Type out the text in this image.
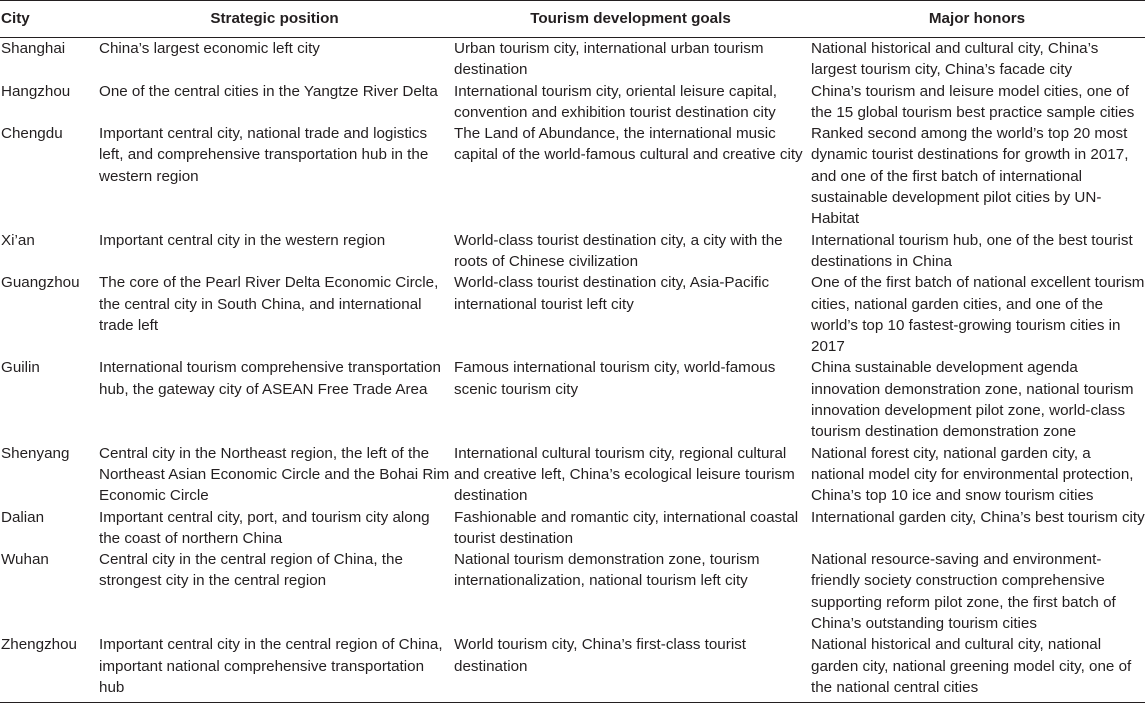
City	Strategic position	Tourism development goals	Major honors
Shanghai	China’s largest economic left city	Urban tourism city, international urban tourism destination	National historical and cultural city, China’s largest tourism city, China’s facade city
Hangzhou	One of the central cities in the Yangtze River Delta	International tourism city, oriental leisure capital, convention and exhibition tourist destination city	China’s tourism and leisure model cities, one of the 15 global tourism best practice sample cities
Chengdu	Important central city, national trade and logistics left, and comprehensive transportation hub in the western region	The Land of Abundance, the international music capital of the world-famous cultural and creative city	Ranked second among the world’s top 20 most dynamic tourist destinations for growth in 2017, and one of the first batch of international sustainable development pilot cities by UN-Habitat
Xi’an	Important central city in the western region	World-class tourist destination city, a city with the roots of Chinese civilization	International tourism hub, one of the best tourist destinations in China
Guangzhou	The core of the Pearl River Delta Economic Circle, the central city in South China, and international trade left	World-class tourist destination city, Asia-Pacific international tourist left city	One of the first batch of national excellent tourism cities, national garden cities, and one of the world’s top 10 fastest-growing tourism cities in 2017
Guilin	International tourism comprehensive transportation hub, the gateway city of ASEAN Free Trade Area	Famous international tourism city, world-famous scenic tourism city	China sustainable development agenda innovation demonstration zone, national tourism innovation development pilot zone, world-class tourism destination demonstration zone
Shenyang	Central city in the Northeast region, the left of the Northeast Asian Economic Circle and the Bohai Rim Economic Circle	International cultural tourism city, regional cultural and creative left, China’s ecological leisure tourism destination	National forest city, national garden city, a national model city for environmental protection, China’s top 10 ice and snow tourism cities
Dalian	Important central city, port, and tourism city along the coast of northern China	Fashionable and romantic city, international coastal tourist destination	International garden city, China’s best tourism city
Wuhan	Central city in the central region of China, the strongest city in the central region	National tourism demonstration zone, tourism internationalization, national tourism left city	National resource-saving and environment-friendly society construction comprehensive supporting reform pilot zone, the first batch of China’s outstanding tourism cities
Zhengzhou	Important central city in the central region of China, important national comprehensive transportation hub	World tourism city, China’s first-class tourist destination	National historical and cultural city, national garden city, national greening model city, one of the national central cities
